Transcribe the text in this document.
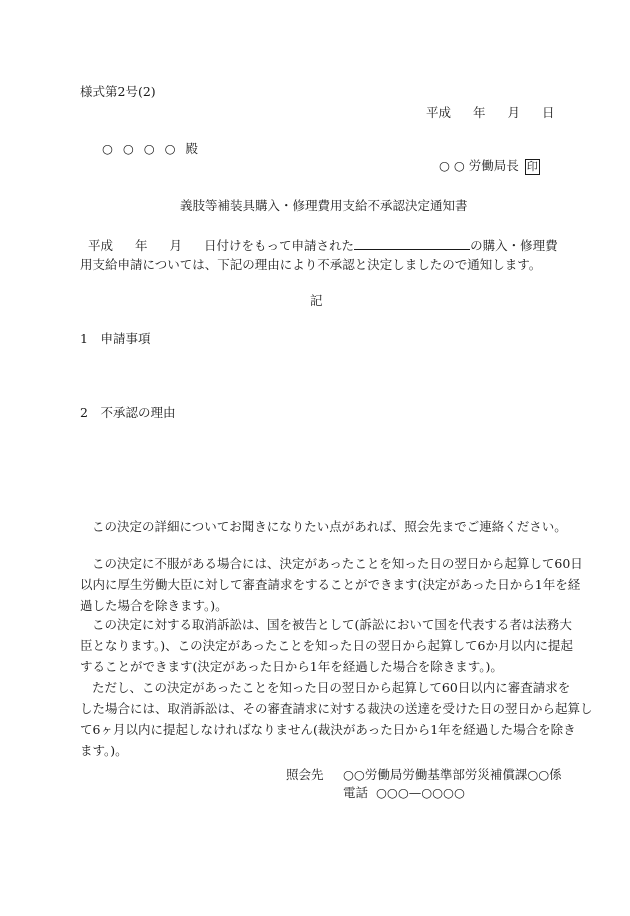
様式第2号(2)

平成 年 月 日

○ ○ ○ ○ 殿

○ ○ 労働局長 印

義肢等補装具購入・修理費用支給不承認決定通知書

平成 年 月 日付けをもって申請された	の購入・修理費

用支給申請については、下記の理由により不承認と決定しましたので通知します。

記

1　申請事項

2　不承認の理由

この決定の詳細についてお聞きになりたい点があれば、照会先までご連絡ください。

この決定に不服がある場合には、決定があったことを知った日の翌日から起算して60日

以内に厚生労働大臣に対して審査請求をすることができます(決定があった日から1年を経

過した場合を除きます。)。

この決定に対する取消訴訟は、国を被告として(訴訟において国を代表する者は法務大

臣となります。)、この決定があったことを知った日の翌日から起算して6か月以内に提起

することができます(決定があった日から1年を経過した場合を除きます。)。

ただし、この決定があったことを知った日の翌日から起算して60日以内に審査請求を

した場合には、取消訴訟は、その審査請求に対する裁決の送達を受けた日の翌日から起算し

て6ヶ月以内に提起しなければなりません(裁決があった日から1年を経過した場合を除き

ます。)。

照会先 ○○労働局労働基準部労災補償課○○係

電話 ○○○—○○○○
